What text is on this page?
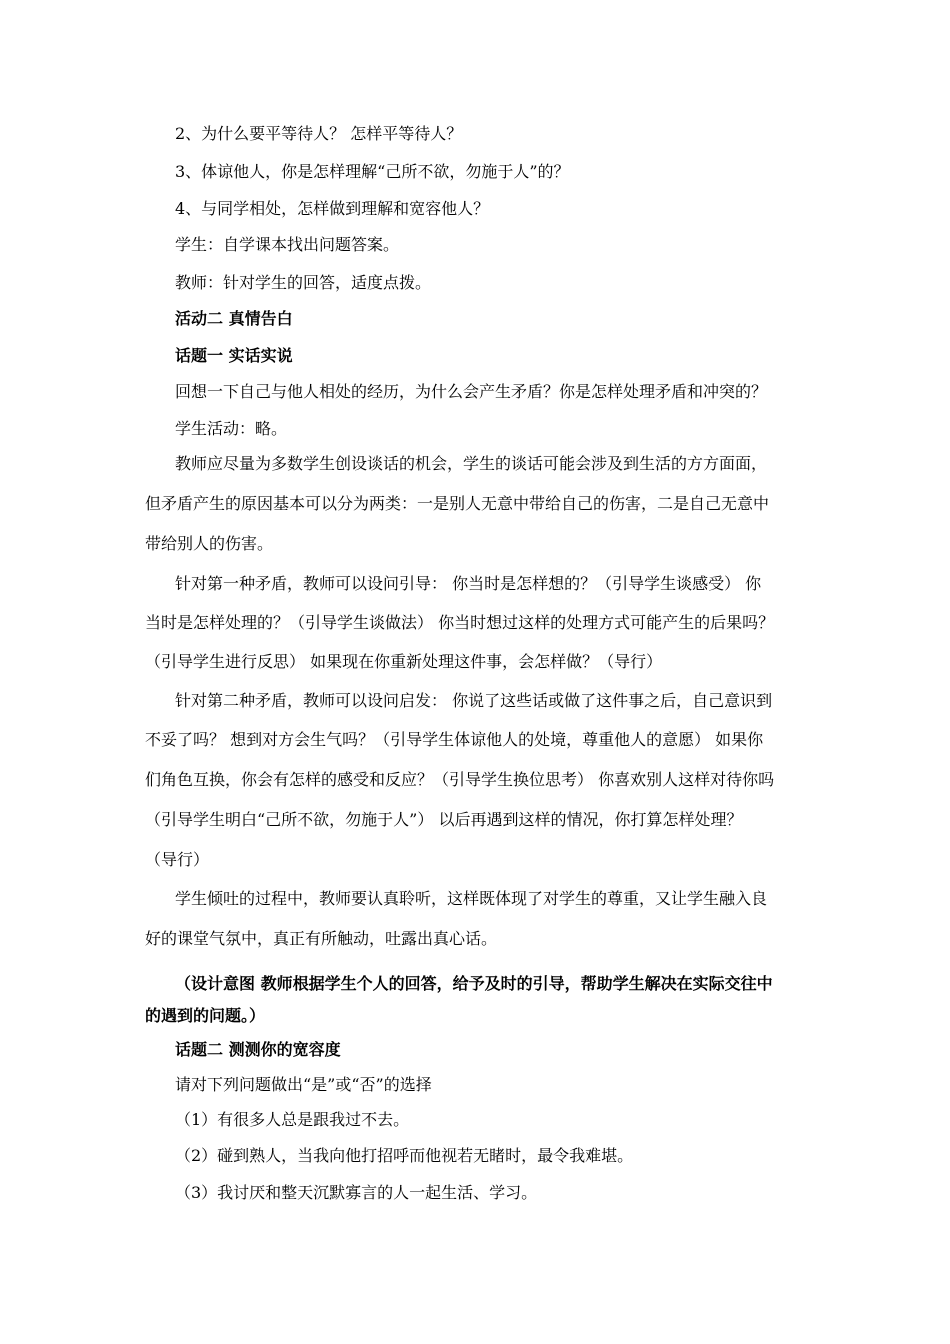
2、为什么要平等待人？ 怎样平等待人？

3、体谅他人，你是怎样理解“己所不欲，勿施于人”的？

4、与同学相处，怎样做到理解和宽容他人？

学生：自学课本找出问题答案。

教师：针对学生的回答，适度点拨。

活动二 真情告白

话题一 实话实说

回想一下自己与他人相处的经历，为什么会产生矛盾？你是怎样处理矛盾和冲突的？

学生活动：略。

教师应尽量为多数学生创设谈话的机会，学生的谈话可能会涉及到生活的方方面面，

但矛盾产生的原因基本可以分为两类：一是别人无意中带给自己的伤害，二是自己无意中

带给别人的伤害。

针对第一种矛盾，教师可以设问引导： 你当时是怎样想的？（引导学生谈感受） 你

当时是怎样处理的？（引导学生谈做法） 你当时想过这样的处理方式可能产生的后果吗？

（引导学生进行反思） 如果现在你重新处理这件事，会怎样做？（导行）

针对第二种矛盾，教师可以设问启发： 你说了这些话或做了这件事之后，自己意识到

不妥了吗？ 想到对方会生气吗？（引导学生体谅他人的处境，尊重他人的意愿） 如果你

们角色互换，你会有怎样的感受和反应？（引导学生换位思考） 你喜欢别人这样对待你吗

（引导学生明白“己所不欲，勿施于人”） 以后再遇到这样的情况，你打算怎样处理？

（导行）

学生倾吐的过程中，教师要认真聆听，这样既体现了对学生的尊重，又让学生融入良

好的课堂气氛中，真正有所触动，吐露出真心话。

（设计意图 教师根据学生个人的回答，给予及时的引导，帮助学生解决在实际交往中

的遇到的问题。）

话题二 测测你的宽容度

请对下列问题做出“是”或“否”的选择

（1）有很多人总是跟我过不去。

（2）碰到熟人，当我向他打招呼而他视若无睹时，最令我难堪。

（3）我讨厌和整天沉默寡言的人一起生活、学习。
